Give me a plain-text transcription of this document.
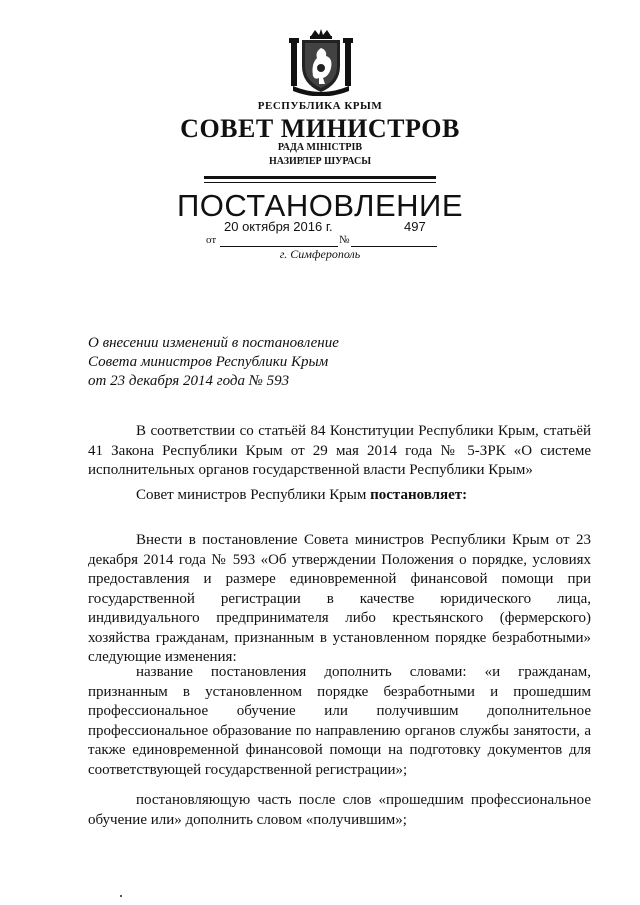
РЕСПУБЛИКА КРЫМ
СОВЕТ МИНИСТРОВ
РАДА МІНІСТРІВ
НАЗИРЛЕР ШУРАСЫ
ПОСТАНОВЛЕНИЕ
от
20 октября 2016 г.
№
497
г. Симферополь
О внесении изменений в постановление
Совета министров Республики Крым
от 23 декабря 2014 года № 593
В соответствии со статьёй 84 Конституции Республики Крым, статьёй 41 Закона Республики Крым от 29 мая 2014 года № 5-ЗРК «О системе исполнительных органов государственной власти Республики Крым»
Совет министров Республики Крым постановляет:
Внести в постановление Совета министров Республики Крым от 23 декабря 2014 года № 593 «Об утверждении Положения о порядке, условиях предоставления и размере единовременной финансовой помощи при государственной регистрации в качестве юридического лица, индивидуального предпринимателя либо крестьянского (фермерского) хозяйства гражданам, признанным в установленном порядке безработными» следующие изменения:
название постановления дополнить словами: «и гражданам, признанным в установленном порядке безработными и прошедшим профессиональное обучение или получившим дополнительное профессиональное образование по направлению органов службы занятости, а также единовременной финансовой помощи на подготовку документов для соответствующей государственной регистрации»;
постановляющую часть после слов «прошедшим профессиональное обучение или» дополнить словом «получившим»;
